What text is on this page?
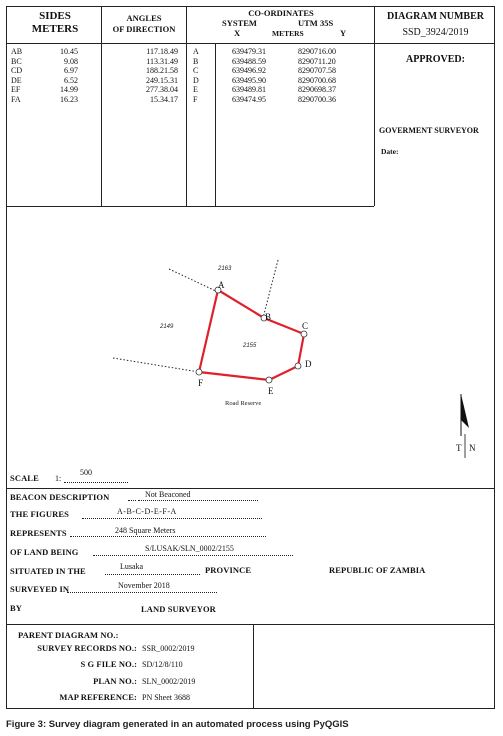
SIDES
METERS
ANGLES
OF DIRECTION
CO-ORDINATES
SYSTEM	UTM 35S
X	METERS	Y
DIAGRAM NUMBER
SSD_3924/2019
AB	10.45	117.18.49 A	639479.31	8290716.00
BC	9.08	113.31.49 B	639488.59	8290711.20
CD	6.97	188.21.58 C	639496.92	8290707.58
DE	6.52	249.15.31 D	639495.90	8290700.68
EF	14.99	277.38.04 E	639489.81	8290698.37
FA	16.23	15.34.17 F	639474.95	8290700.36
APPROVED:
GOVERMENT SURVEYOR
Date:
A
B
C
D
E
F
2163
2149
2155
Road Reserve
T N
SCALE 1:
500
BEACON DESCRIPTION	Not Beaconed
THE FIGURES	A-B-C-D-E-F-A
REPRESENTS	248 Square Meters
OF LAND BEING	S/LUSAK/SLN_0002/2155
SITUATED IN THE	Lusaka	PROVINCE	REPUBLIC OF ZAMBIA
SURVEYED IN	November 2018
BY	LAND SURVEYOR
PARENT DIAGRAM NO.:
SURVEY RECORDS NO.: SSR_0002/2019
S G FILE NO.: SD/12/8/110
PLAN NO.: SLN_0002/2019
MAP REFERENCE: PN Sheet 3688
Figure 3: Survey diagram generated in an automated process using PyQGIS
